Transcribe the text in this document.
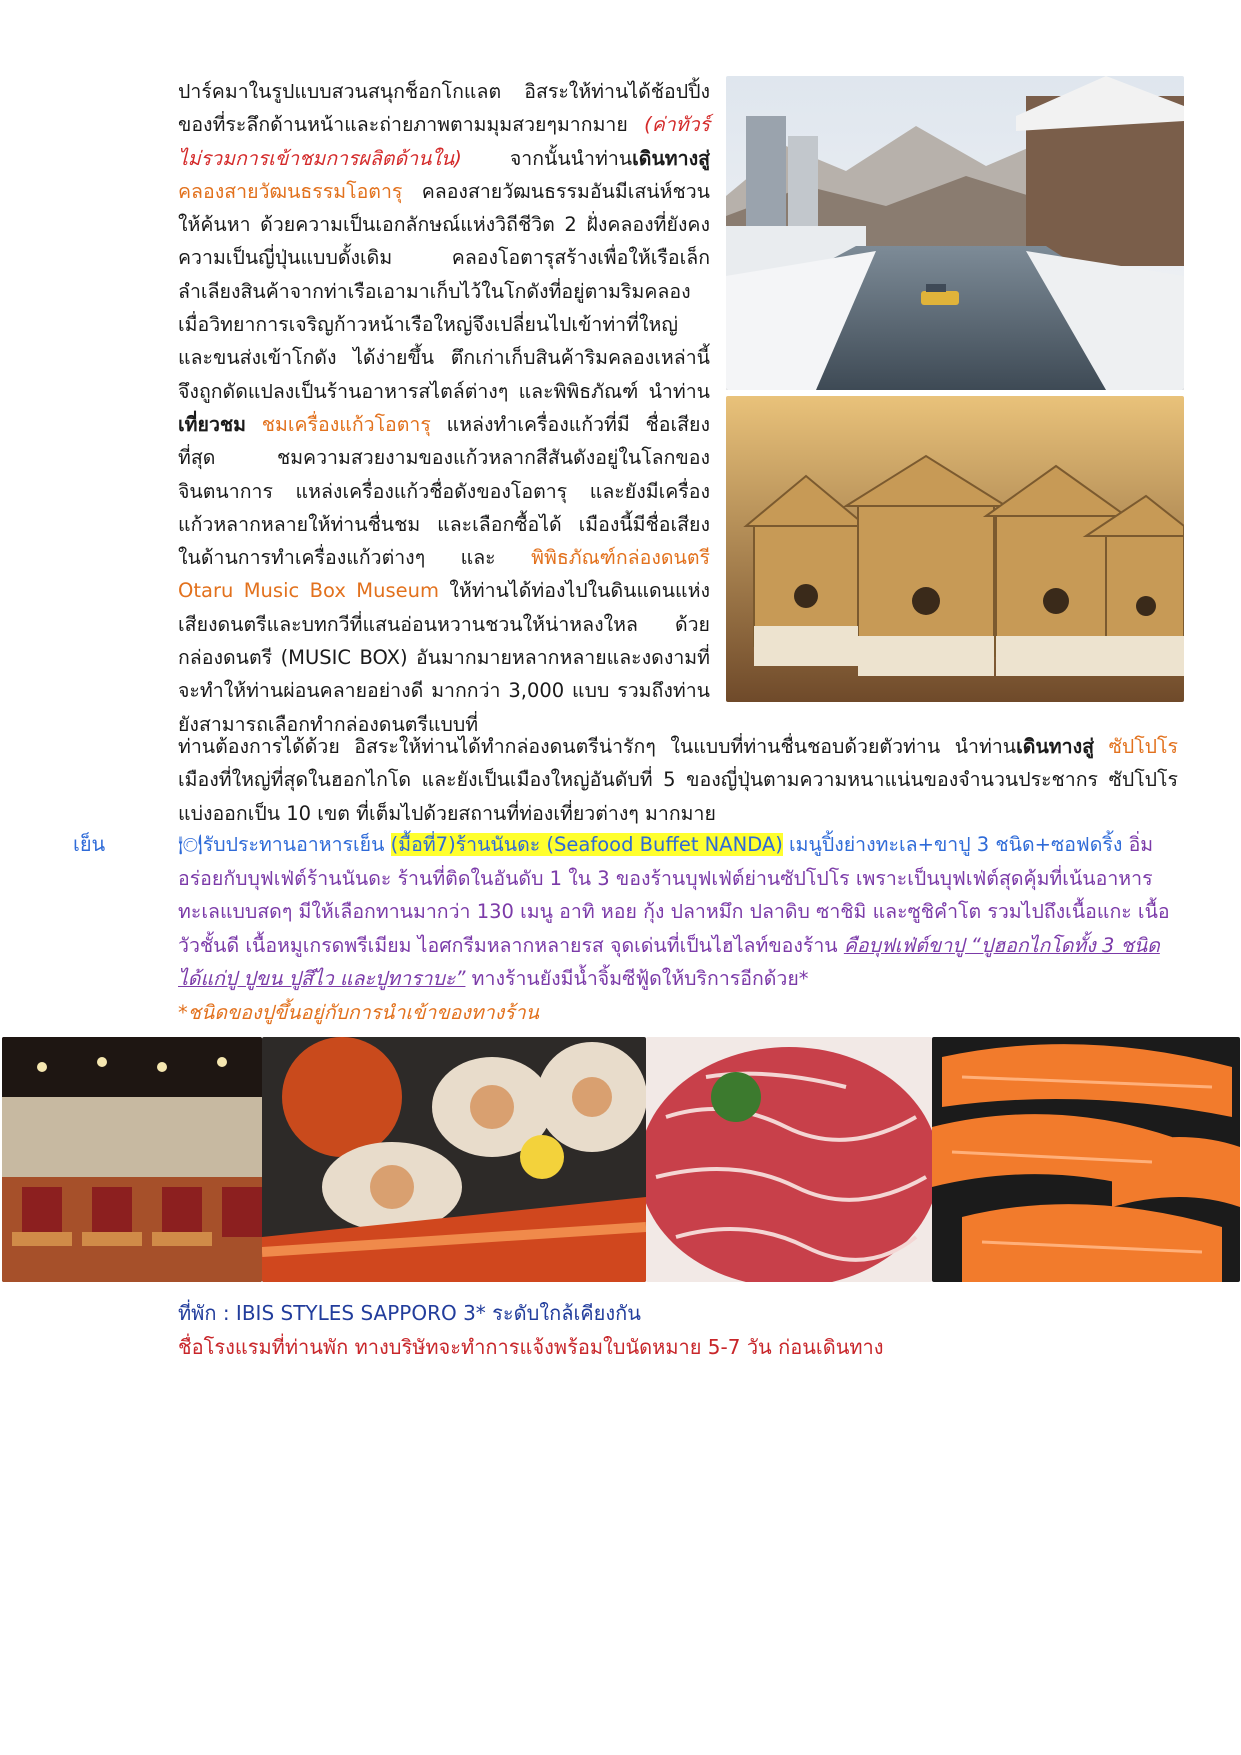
ปาร์คมาในรูปแบบสวนสนุกช็อกโกแลต อิสระให้ท่านได้ช้อปปิ้งของที่ระลึกด้านหน้าและถ่ายภาพตามมุมสวยๆมากมาย (ค่าทัวร์ไม่รวมการเข้าชมการผลิตด้านใน) จากนั้นนำท่านเดินทางสู่ คลองสายวัฒนธรรมโอตารุ คลองสายวัฒนธรรมอันมีเสน่ห์ชวนให้ค้นหา ด้วยความเป็นเอกลักษณ์แห่งวิถีชีวิต 2 ฝั่งคลองที่ยังคงความเป็นญี่ปุ่นแบบดั้งเดิม คลองโอตารุสร้างเพื่อให้เรือเล็กลำเลียงสินค้าจากท่าเรือเอามาเก็บไว้ในโกดังที่อยู่ตามริมคลอง เมื่อวิทยาการเจริญก้าวหน้าเรือใหญ่จึงเปลี่ยนไปเข้าท่าที่ใหญ่และขนส่งเข้าโกดัง ได้ง่ายขึ้น ตึกเก่าเก็บสินค้าริมคลองเหล่านี้ จึงถูกดัดแปลงเป็นร้านอาหารสไตล์ต่างๆ และพิพิธภัณฑ์ นำท่านเที่ยวชม ชมเครื่องแก้วโอตารุ แหล่งทำเครื่องแก้วที่มี ชื่อเสียงที่สุด ชมความสวยงามของแก้วหลากสีสันดังอยู่ในโลกของจินตนาการ แหล่งเครื่องแก้วชื่อดังของโอตารุ และยังมีเครื่องแก้วหลากหลายให้ท่านชื่นชม และเลือกซื้อได้ เมืองนี้มีชื่อเสียงในด้านการทำเครื่องแก้วต่างๆ และ พิพิธภัณฑ์กล่องดนตรี Otaru Music Box Museum ให้ท่านได้ท่องไปในดินแดนแห่งเสียงดนตรีและบทกวีที่แสนอ่อนหวานชวนให้น่าหลงใหล ด้วยกล่องดนตรี (MUSIC BOX) อันมากมายหลากหลายและงดงามที่จะทำให้ท่านผ่อนคลายอย่างดี มากกว่า 3,000 แบบ รวมถึงท่านยังสามารถเลือกทำกล่องดนตรีแบบที่

ท่านต้องการได้ด้วย อิสระให้ท่านได้ทำกล่องดนตรีน่ารักๆ ในแบบที่ท่านชื่นชอบด้วยตัวท่าน นำท่านเดินทางสู่ ซัปโปโร เมืองที่ใหญ่ที่สุดในฮอกไกโด และยังเป็นเมืองใหญ่อันดับที่ 5 ของญี่ปุ่นตามความหนาแน่นของจำนวนประชากร ซัปโปโรแบ่งออกเป็น 10 เขต ที่เต็มไปด้วยสถานที่ท่องเที่ยวต่างๆ มากมาย

เย็น	🍽รับประทานอาหารเย็น (มื้อที่7)ร้านนันดะ (Seafood Buffet NANDA) เมนูปิ้งย่างทะเล+ขาปู 3 ชนิด+ซอฟดริ้ง อิ่มอร่อยกับบุฟเฟ่ต์ร้านนันดะ ร้านที่ติดในอันดับ 1 ใน 3 ของร้านบุฟเฟ่ต์ย่านซัปโปโร เพราะเป็นบุฟเฟ่ต์สุดคุ้มที่เน้นอาหารทะเลแบบสดๆ มีให้เลือกทานมากว่า 130 เมนู อาทิ หอย กุ้ง ปลาหมึก ปลาดิบ ซาชิมิ และซูชิคำโต รวมไปถึงเนื้อแกะ เนื้อวัวชั้นดี เนื้อหมูเกรดพรีเมียม ไอศกรีมหลากหลายรส จุดเด่นที่เป็นไฮไลท์ของร้าน คือบุฟเฟ่ต์ขาปู “ปูฮอกไกโดทั้ง 3 ชนิด ได้แก่ปู ปูขน ปูสึไว และปูทาราบะ” ทางร้านยังมีน้ำจิ้มซีฟู้ดให้บริการอีกด้วย*
*ชนิดของปูขึ้นอยู่กับการนำเข้าของทางร้าน

ที่พัก : IBIS STYLES SAPPORO 3* ระดับใกล้เคียงกัน
ชื่อโรงแรมที่ท่านพัก ทางบริษัทจะทำการแจ้งพร้อมใบนัดหมาย 5-7 วัน ก่อนเดินทาง
